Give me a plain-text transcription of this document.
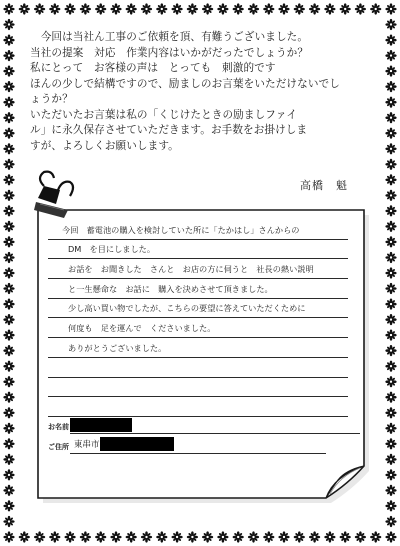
　今回は当社ん工事のご依頼を頂、有難うございました。
当社の提案　対応　作業内容はいかがだったでしょうか？
私にとって　お客様の声は　とっても　刺激的です
ほんの少しで結構ですので、励ましのお言葉をいただけないでし
ょうか？
いただいたお言葉は私の「くじけたときの励ましファイ
ル」に永久保存させていただきます。お手数をお掛けしま
すが、よろしくお願いします。
高橋　魁
今回　蓄電池の購入を検討していた所に「たかはし」さんからの
DM　を目にしました。
お話を　お聞きした　さんと　お店の方に伺うと　社長の熱い説明
と一生懸命な　お話に　購入を決めさせて頂きました。
少し高い買い物でしたが、こちらの要望に答えていただくために
何度も　足を運んで　くださいました。
ありがとうございました。
お名前
ご住所 東串市
